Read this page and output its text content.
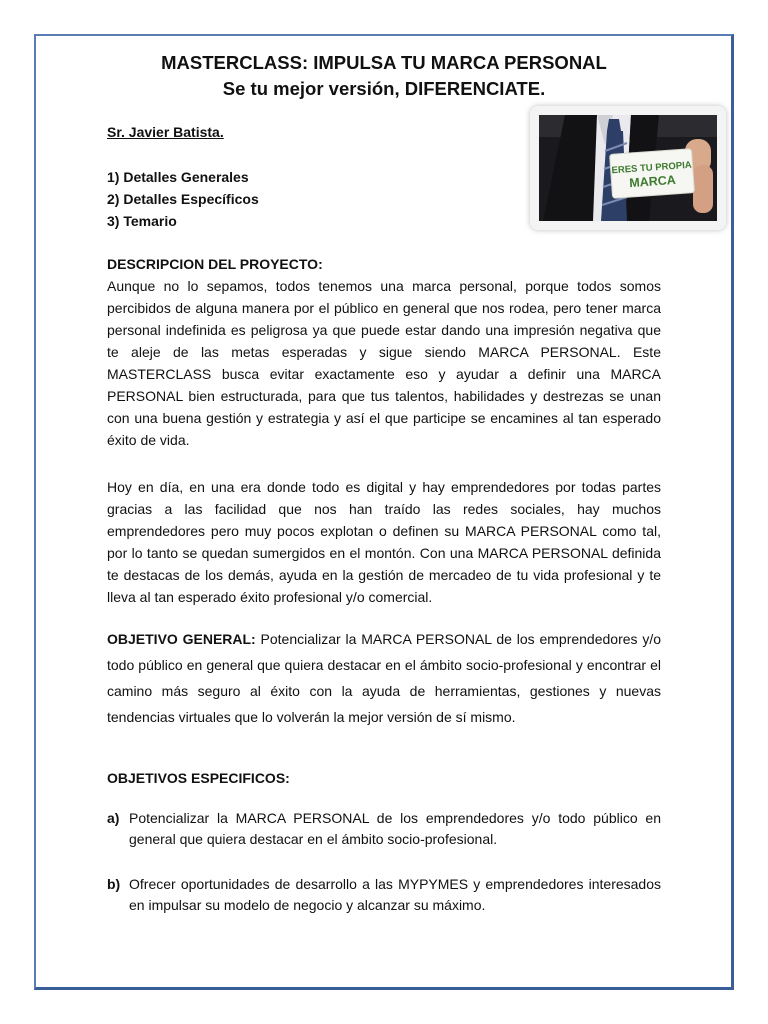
MASTERCLASS: IMPULSA TU MARCA PERSONAL
Se tu mejor versión, DIFERENCIATE.

Sr. Javier Batista.

1) Detalles Generales
2) Detalles Específicos
3) Temario
ERES TU PROPIA
MARCA
DESCRIPCION DEL PROYECTO:

Aunque no lo sepamos, todos tenemos una marca personal, porque todos somos percibidos de alguna manera por el público en general que nos rodea, pero tener marca personal indefinida es peligrosa ya que puede estar dando una impresión negativa que te aleje de las metas esperadas y sigue siendo MARCA PERSONAL. Este MASTERCLASS busca evitar exactamente eso y ayudar a definir una MARCA PERSONAL bien estructurada, para que tus talentos, habilidades y destrezas se unan con una buena gestión y estrategia y así el que participe se encamines al tan esperado éxito de vida.

Hoy en día, en una era donde todo es digital y hay emprendedores por todas partes gracias a las facilidad que nos han traído las redes sociales, hay muchos emprendedores pero muy pocos explotan o definen su MARCA PERSONAL como tal, por lo tanto se quedan sumergidos en el montón. Con una MARCA PERSONAL definida te destacas de los demás, ayuda en la gestión de mercadeo de tu vida profesional y te lleva al tan esperado éxito profesional y/o comercial.

OBJETIVO GENERAL: Potencializar la MARCA PERSONAL de los emprendedores y/o todo público en general que quiera destacar en el ámbito socio-profesional y encontrar el camino más seguro al éxito con la ayuda de herramientas, gestiones y nuevas tendencias virtuales que lo volverán la mejor versión de sí mismo.

OBJETIVOS ESPECIFICOS:
a) Potencializar la MARCA PERSONAL de los emprendedores y/o todo público en general que quiera destacar en el ámbito socio-profesional.
b) Ofrecer oportunidades de desarrollo a las MYPYMES y emprendedores interesados en impulsar su modelo de negocio y alcanzar su máximo.
